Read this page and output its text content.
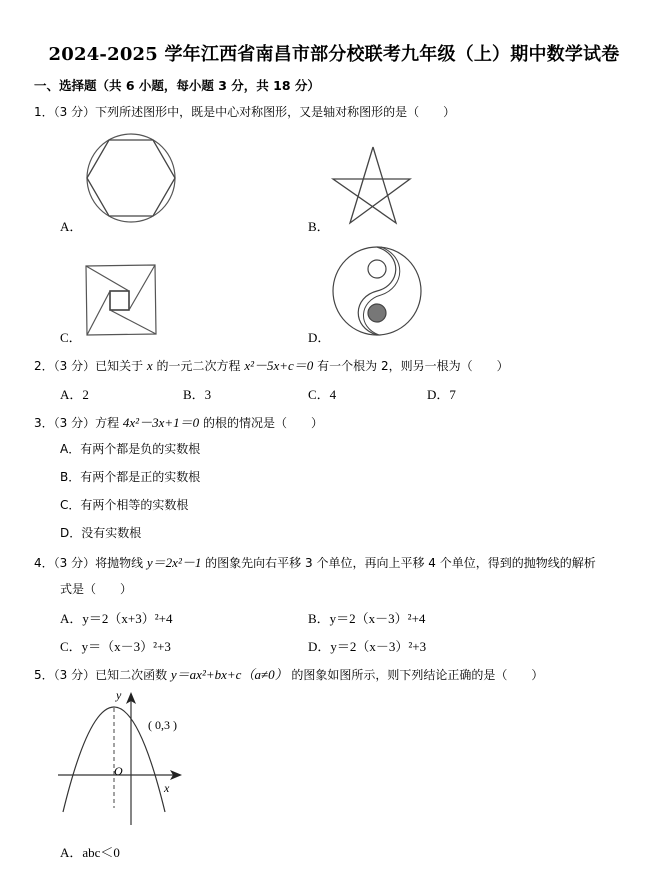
2024-2025 学年江西省南昌市部分校联考九年级（上）期中数学试卷
一、选择题（共 6 小题，每小题 3 分，共 18 分）
1．（3 分）下列所述图形中，既是中心对称图形，又是轴对称图形的是（　　）
A．	B．
C．	D．
2．（3 分）已知关于 x 的一元二次方程 x²－5x+c＝0 有一个根为 2，则另一根为（　　）
A．2	B．3	C．4	D．7
3．（3 分）方程 4x²－3x+1＝0 的根的情况是（　　）
A．有两个都是负的实数根
B．有两个都是正的实数根
C．有两个相等的实数根
D．没有实数根
4．（3 分）将抛物线 y＝2x²－1 的图象先向右平移 3 个单位，再向上平移 4 个单位，得到的抛物线的解析
式是（　　）
A．y＝2（x+3）²+4	B．y＝2（x－3）²+4
C．y＝（x－3）²+3	D．y＝2（x－3）²+3
5．（3 分）已知二次函数 y＝ax²+bx+c（a≠0） 的图象如图所示，则下列结论正确的是（　　）
y
x
O
( 0,3 )
A．abc＜0
